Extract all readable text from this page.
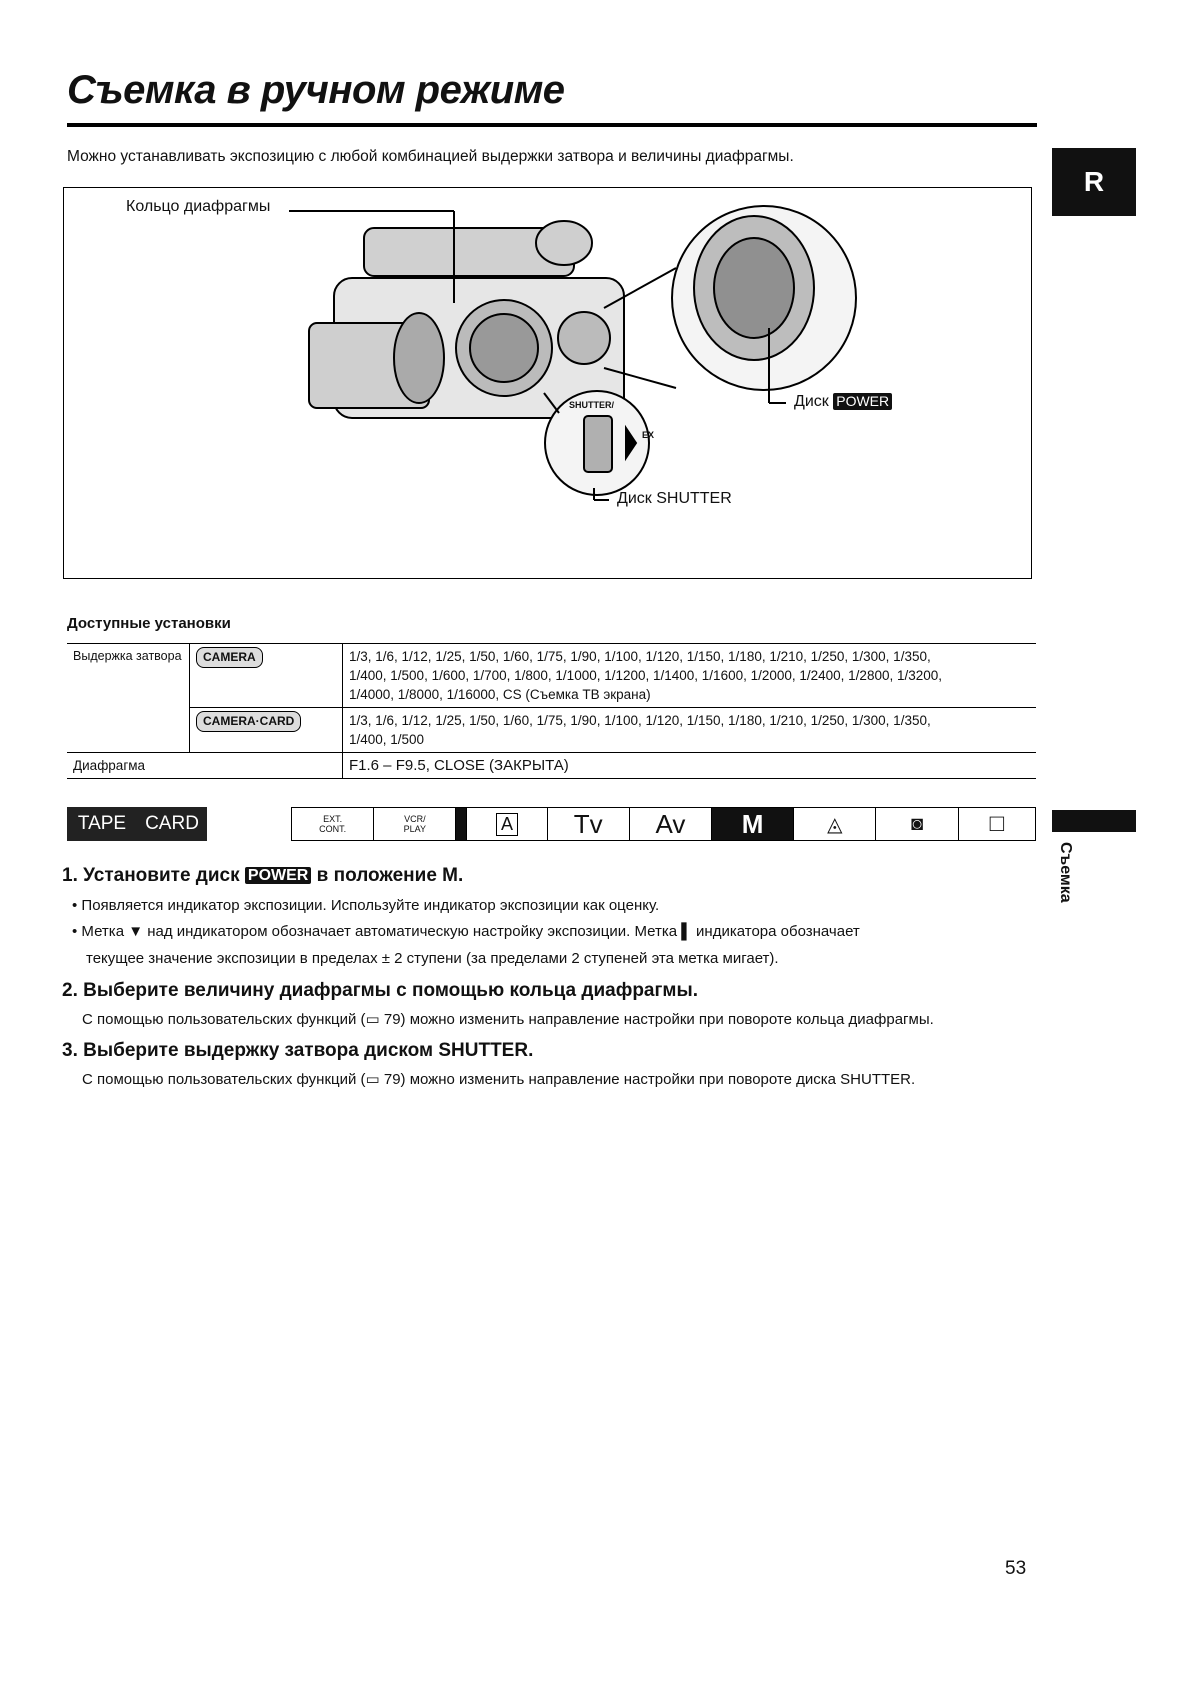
Cъемка в ручном режиме
Можно устанавливать экспозицию с любой комбинацией выдержки затвора и величины диафрагмы.
R
Съемка
Кольцо диафрагмы
Диск POWER
Диск SHUTTER
SHUTTER/
EX
Доступные установки
Выдержка затвора	CAMERA	1/3, 1/6, 1/12, 1/25, 1/50, 1/60, 1/75, 1/90, 1/100, 1/120, 1/150, 1/180, 1/210, 1/250, 1/300, 1/350,
1/400, 1/500, 1/600, 1/700, 1/800, 1/1000, 1/1200, 1/1400, 1/1600, 1/2000, 1/2400, 1/2800, 1/3200,
1/4000, 1/8000, 1/16000, CS (Съемка ТВ экрана)

	CAMERA·CARD	1/3, 1/6, 1/12, 1/25, 1/50, 1/60, 1/75, 1/90, 1/100, 1/120, 1/150, 1/180, 1/210, 1/250, 1/300, 1/350,
1/400, 1/500

Диафрагма		F1.6 – F9.5, CLOSE (ЗАКРЫТА)
TAPE CARD	EXT.
CONT.
VCR/
PLAY	A	Tv	Av	M	◬	◙	□
1. Установите диск POWER в положение M.
• Появляется индикатор экспозиции. Используйте индикатор экспозиции как оценку.
• Метка ▼ над индикатором обозначает автоматическую настройку экспозиции. Метка ▌ индикатора обозначает
текущее значение экспозиции в пределах ± 2 ступени (за пределами 2 ступеней эта метка мигает).
2. Выберите величину диафрагмы с помощью кольца диафрагмы.
С помощью пользовательских функций (▭ 79) можно изменить направление настройки при повороте кольца диафрагмы.
3. Выберите выдержку затвора диском SHUTTER.
С помощью пользовательских функций (▭ 79) можно изменить направление настройки при повороте диска SHUTTER.
53
